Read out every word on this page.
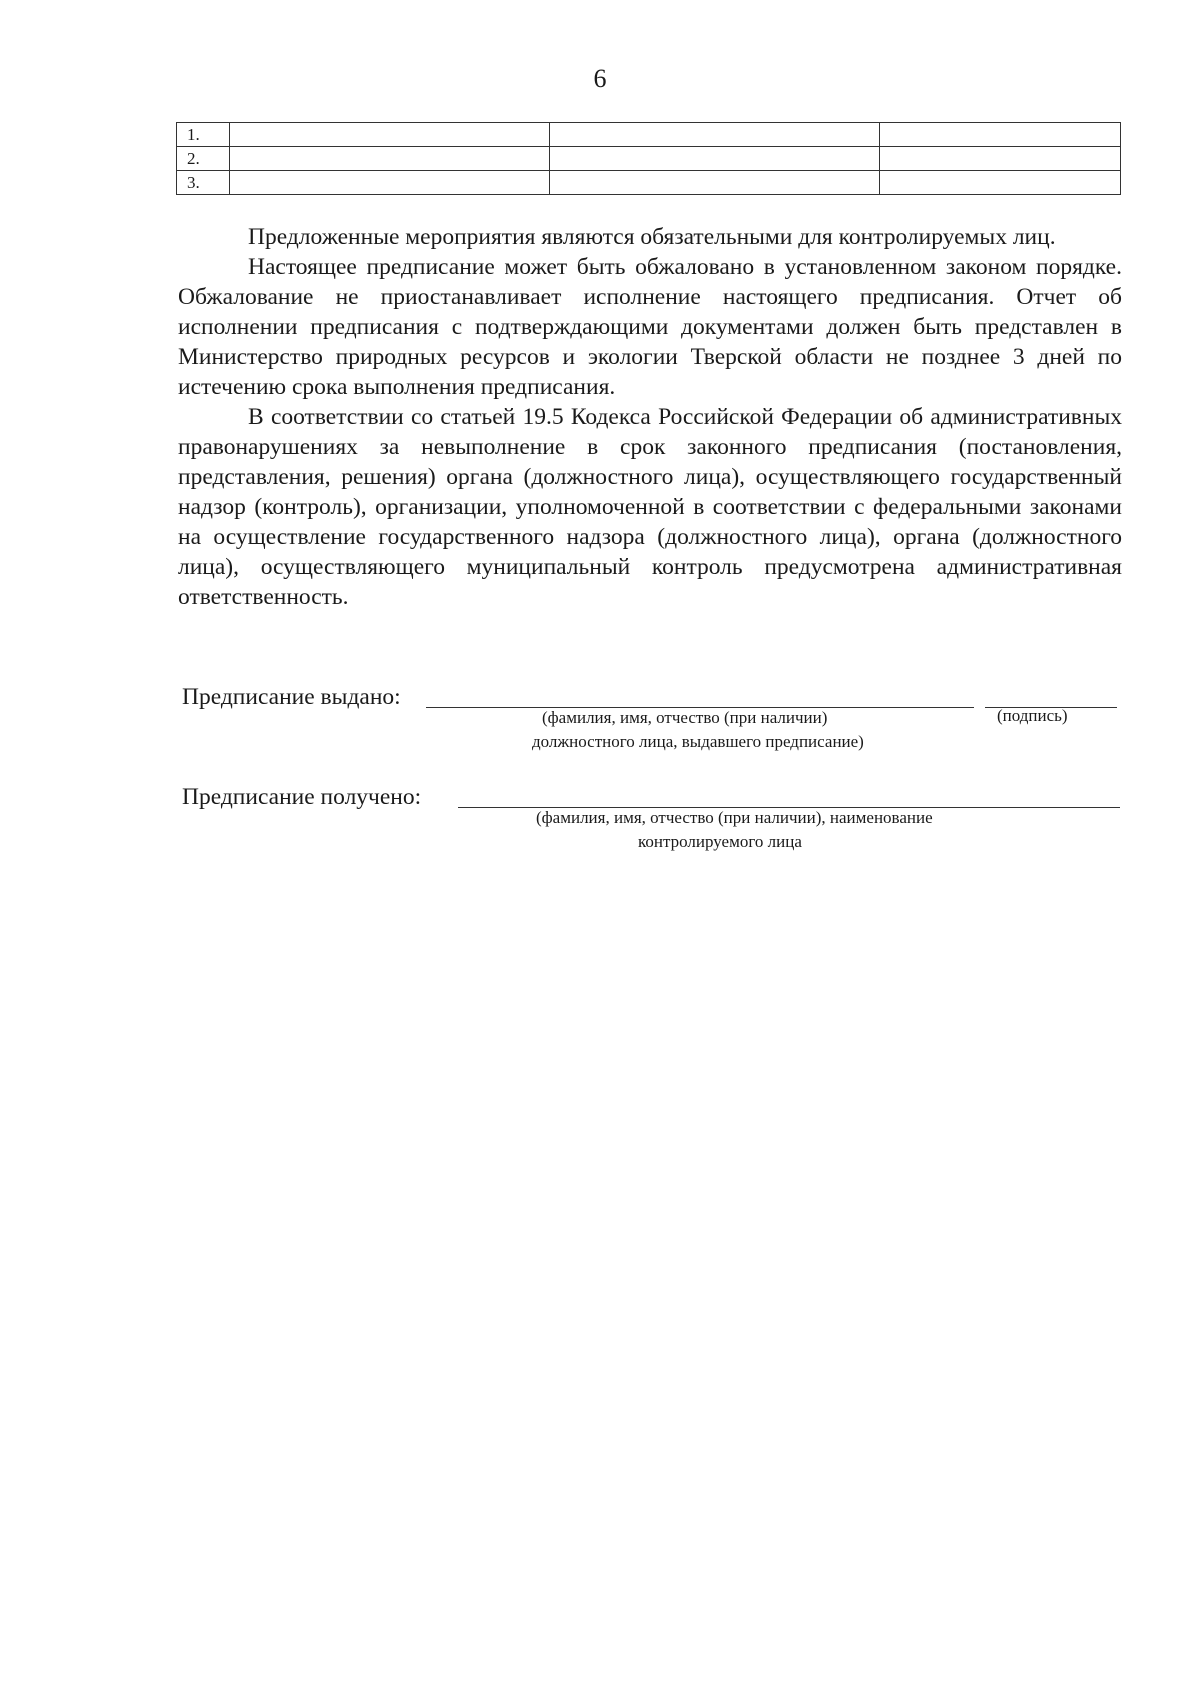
6
1.			
2.			
3.			

Предложенные мероприятия являются обязательными для контролируемых лиц.

Настоящее предписание может быть обжаловано в установленном законом порядке. Обжалование не приостанавливает исполнение настоящего предписания. Отчет об исполнении предписания с подтверждающими документами должен быть представлен в Министерство природных ресурсов и экологии Тверской области не позднее 3 дней по истечению срока выполнения предписания.

В соответствии со статьей 19.5 Кодекса Российской Федерации об административных правонарушениях за невыполнение в срок законного предписания (постановления, представления, решения) органа (должностного лица), осуществляющего государственный надзор (контроль), организации, уполномоченной в соответствии с федеральными законами на осуществление государственного надзора (должностного лица), органа (должностного лица), осуществляющего муниципальный контроль предусмотрена административная ответственность.

Предписание выдано:
(фамилия, имя, отчество (при наличии)
должностного лица, выдавшего предписание)
(подпись)
Предписание получено:
(фамилия, имя, отчество (при наличии), наименование
контролируемого лица
